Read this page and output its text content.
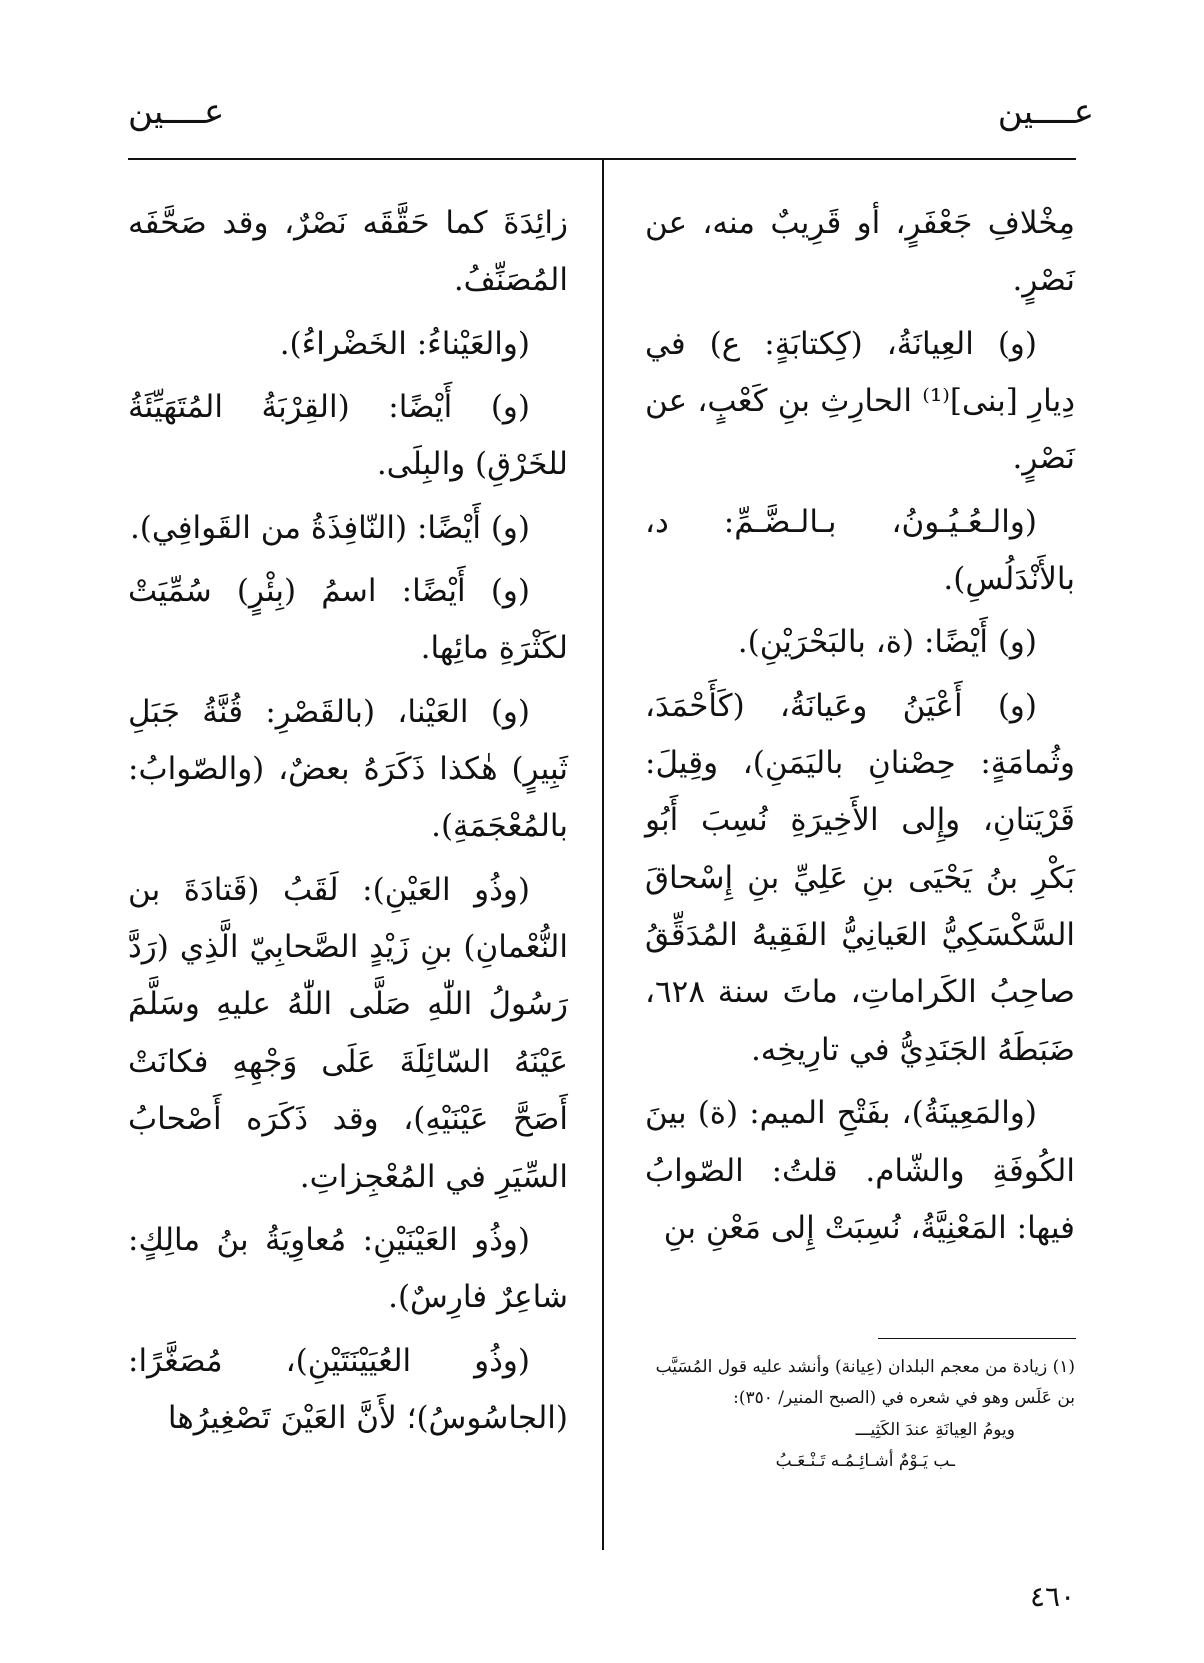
عــــين
عــــين

مِخْلافِ جَعْفَرٍ، أو قَرِيبٌ منه، عن نَصْرٍ.

(و) العِيانَةُ، (كِكتابَةٍ: ع) في دِيارِ [بنى]⁽¹⁾ الحارِثِ بنِ كَعْبٍ، عن نَصْرٍ.

(والـعُـيُـونُ، بـالـضَّـمِّ: د، بالأَنْدَلُسِ).

(و) أَيْضًا: (ة، بالبَحْرَيْنِ).

(و) أَعْيَنُ وعَيانَةُ، (كَأَحْمَدَ، وثُمامَةٍ: حِصْنانِ باليَمَنِ)، وقِيلَ: قَرْيَتانِ، وإِلى الأَخِيرَةِ نُسِبَ أَبُو بَكْرِ بنُ يَحْيَى بنِ عَلِيِّ بنِ إِسْحاقَ السَّكْسَكِيُّ العَيانِيُّ الفَقِيهُ المُدَقِّقُ صاحِبُ الكَراماتِ، ماتَ سنة ٦٢٨، ضَبَطَهُ الجَنَدِيُّ في تارِيخِه.

(والمَعِينَةُ)، بفَتْحِ الميم: (ة) بينَ الكُوفَةِ والشّام. قلتُ: الصّوابُ فيها: المَعْنِيَّةُ، نُسِبَتْ إِلى مَعْنِ بنِ

زائِدَةَ كما حَقَّقَه نَصْرٌ، وقد صَحَّفَه المُصَنِّفُ.

(والعَيْناءُ: الخَضْراءُ).

(و) أَيْضًا: (القِرْبَةُ المُتَهَيِّئَةُ للخَرْقِ) والبِلَى.

(و) أَيْضًا: (النّافِذَةُ من القَوافِي).

(و) أَيْضًا: اسمُ (بِئْرٍ) سُمِّيَتْ لكَثْرَةِ مائِها.

(و) العَيْنا، (بالقَصْرِ: قُنَّةُ جَبَلِ ثَبِيرٍ) هٰكذا ذَكَرَهُ بعضٌ، (والصّوابُ: بالمُعْجَمَةِ).

(وذُو العَيْنِ): لَقَبُ (قَتادَةَ بن النُّعْمانِ) بنِ زَيْدٍ الصَّحابِيّ الَّذِي (رَدَّ رَسُولُ اللّٰهِ صَلَّى اللّٰهُ عليهِ وسَلَّمَ عَيْنَهُ السّائِلَةَ عَلَى وَجْهِهِ فكانَتْ أَصَحَّ عَيْنَيْهِ)، وقد ذَكَرَه أَصْحابُ السِّيَرِ في المُعْجِزاتِ.

(وذُو العَيْنَيْنِ: مُعاوِيَةُ بنُ مالِكٍ: شاعِرٌ فارِسٌ).

(وذُو العُيَيْنَتَيْنِ)، مُصَغَّرًا: (الجاسُوسُ)؛ لأَنَّ العَيْنَ تَصْغِيرُها

(١) زيادة من معجم البلدان (عِيانة) وأنشد عليه قول المُسَيَّب بن عَلَس وهو في شعره في (الصبح المنير/ ٣٥٠):

ويومُ العِيانَةِ عندَ الكَثِيـــ

ـب يَـوْمٌ أشـائِـمُـه تَـنْـعَـبُ

٤٦٠
